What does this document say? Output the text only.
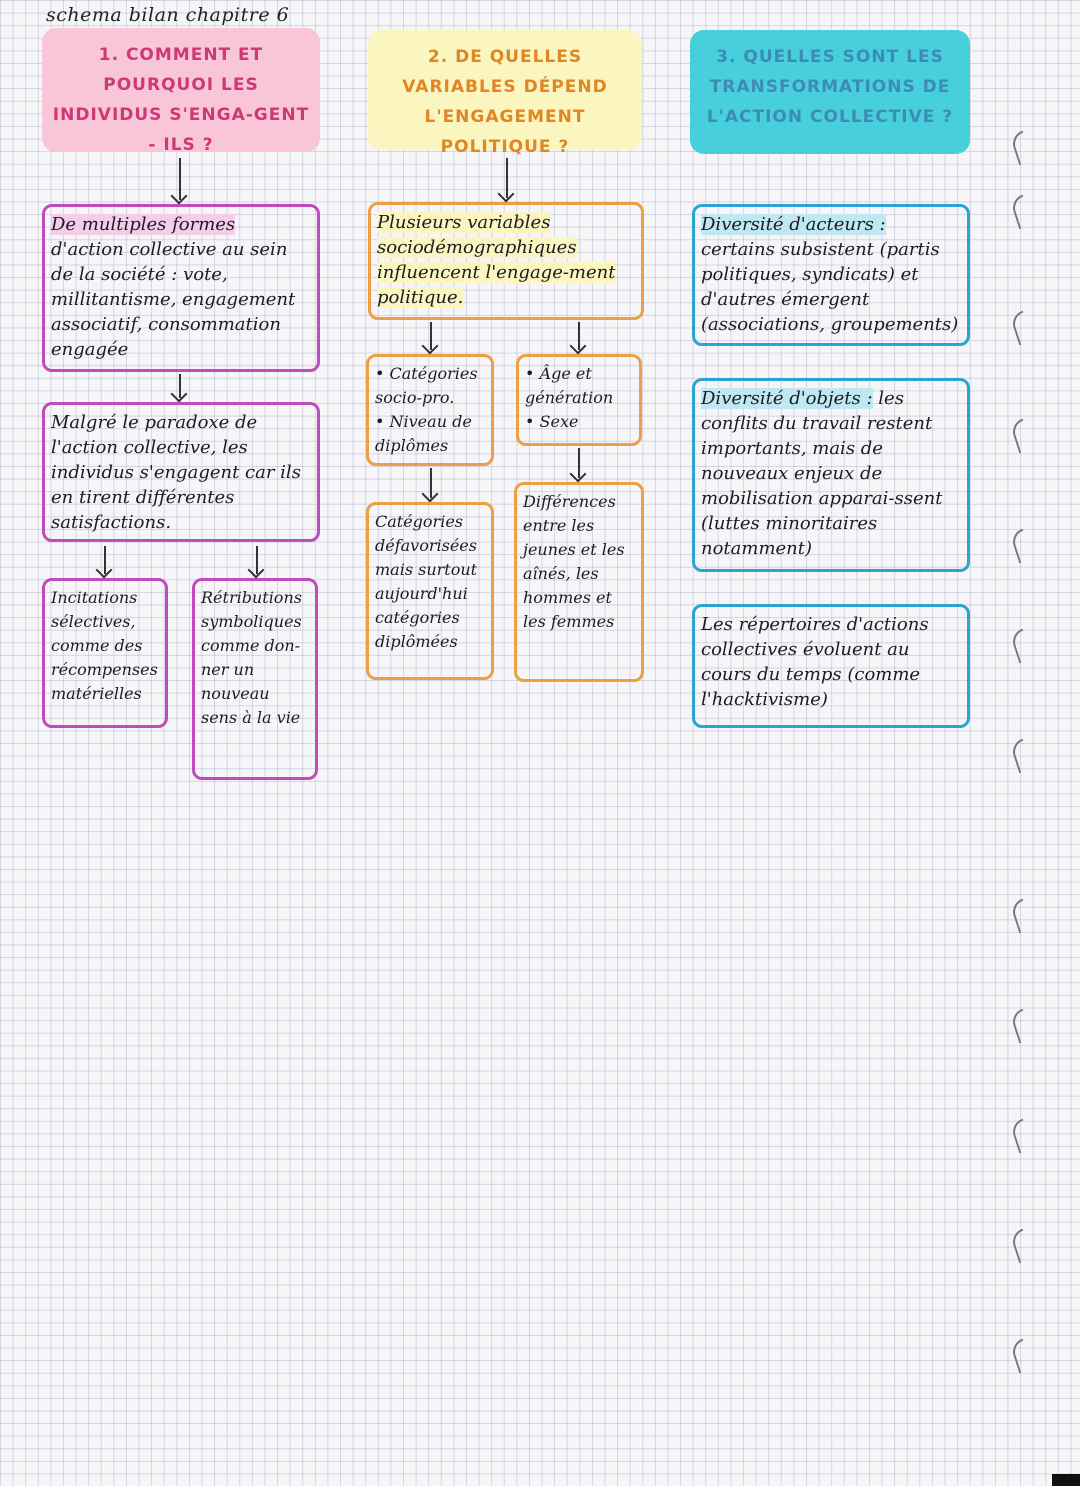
schema bilan chapitre 6
1. COMMENT ET POURQUOI LES INDIVIDUS S'ENGA-GENT - ILS ?
2. DE QUELLES VARIABLES DÉPEND L'ENGAGEMENT POLITIQUE ?
3. QUELLES SONT LES TRANSFORMATIONS DE L'ACTION COLLECTIVE ?
De multiples formes d'action collective au sein de la société : vote, millitantisme, engagement associatif, consommation engagée
Malgré le paradoxe de l'action collective, les individus s'engagent car ils en tirent différentes satisfactions.
Incitations sélectives, comme des récompenses matérielles
Rétributions symboliques comme don-ner un nouveau sens à la vie
Plusieurs variables sociodémographiques influencent l'engage-ment politique.
• Catégories socio-pro.
• Niveau de diplômes
• Âge et génération
• Sexe
Catégories défavorisées mais surtout aujourd'hui catégories diplômées
Différences entre les jeunes et les aînés, les hommes et les femmes
Diversité d'acteurs : certains subsistent (partis politiques, syndicats) et d'autres émergent (associations, groupements)
Diversité d'objets : les conflits du travail restent importants, mais de nouveaux enjeux de mobilisation apparai-ssent (luttes minoritaires notamment)
Les répertoires d'actions collectives évoluent au cours du temps (comme l'hacktivisme)
